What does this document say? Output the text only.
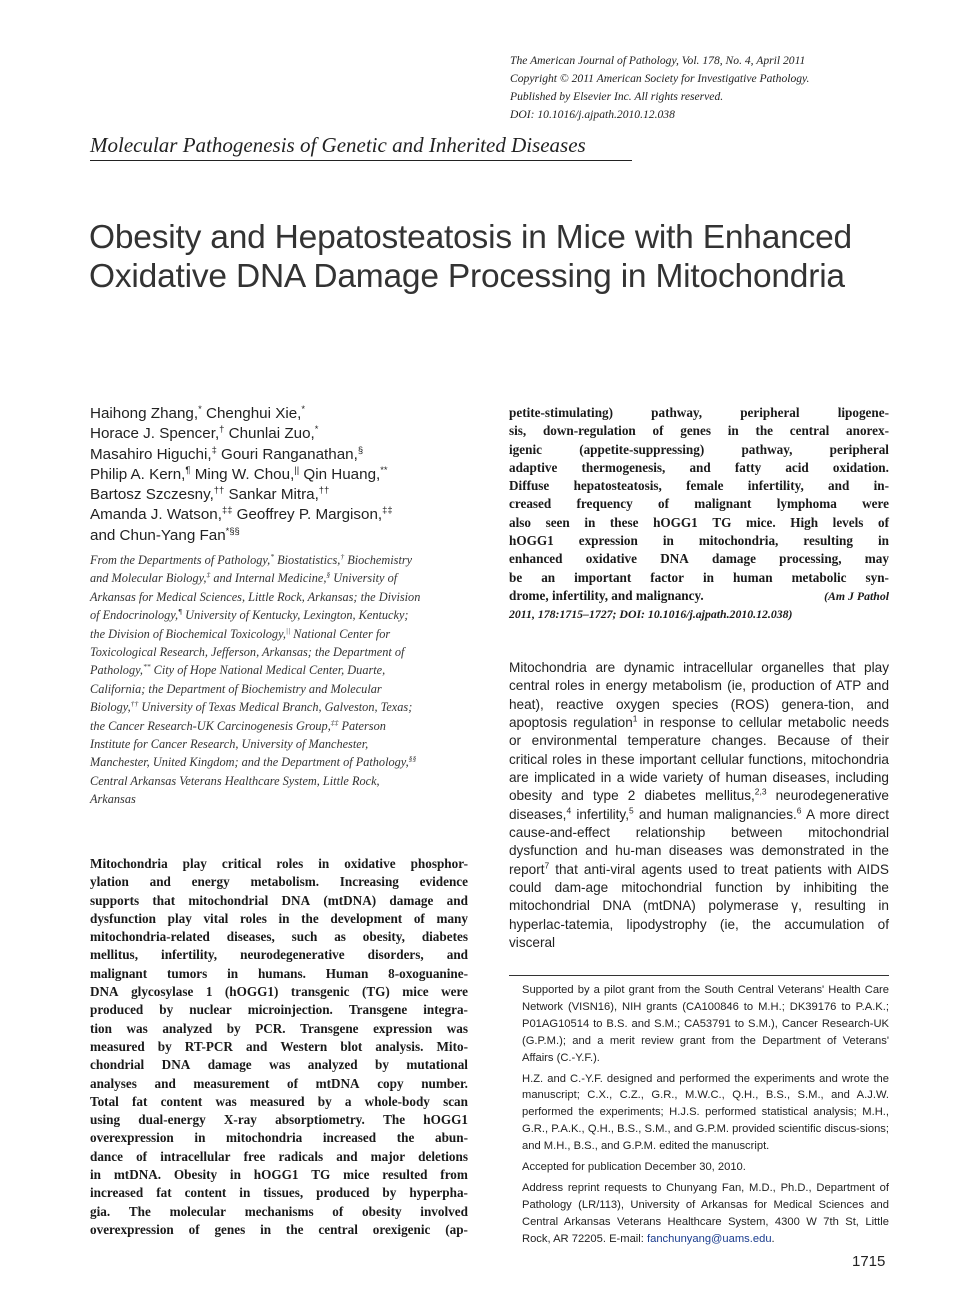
The American Journal of Pathology, Vol. 178, No. 4, April 2011
Copyright © 2011 American Society for Investigative Pathology.
Published by Elsevier Inc. All rights reserved.
DOI: 10.1016/j.ajpath.2010.12.038
Molecular Pathogenesis of Genetic and Inherited Diseases
Obesity and Hepatosteatosis in Mice with Enhanced
Oxidative DNA Damage Processing in Mitochondria
Haihong Zhang,* Chenghui Xie,*
Horace J. Spencer,† Chunlai Zuo,*
Masahiro Higuchi,‡ Gouri Ranganathan,§
Philip A. Kern,¶ Ming W. Chou,|| Qin Huang,**
Bartosz Szczesny,†† Sankar Mitra,††
Amanda J. Watson,‡‡ Geoffrey P. Margison,‡‡
and Chun-Yang Fan*§§
From the Departments of Pathology,* Biostatistics,† Biochemistry
and Molecular Biology,‡ and Internal Medicine,§ University of
Arkansas for Medical Sciences, Little Rock, Arkansas; the Division
of Endocrinology,¶ University of Kentucky, Lexington, Kentucky;
the Division of Biochemical Toxicology,|| National Center for
Toxicological Research, Jefferson, Arkansas; the Department of
Pathology,** City of Hope National Medical Center, Duarte,
California; the Department of Biochemistry and Molecular
Biology,†† University of Texas Medical Branch, Galveston, Texas;
the Cancer Research-UK Carcinogenesis Group,‡‡ Paterson
Institute for Cancer Research, University of Manchester,
Manchester, United Kingdom; and the Department of Pathology,§§
Central Arkansas Veterans Healthcare System, Little Rock,
Arkansas
Mitochondria play critical roles in oxidative phosphor-
ylation and energy metabolism. Increasing evidence
supports that mitochondrial DNA (mtDNA) damage and
dysfunction play vital roles in the development of many
mitochondria-related diseases, such as obesity, diabetes
mellitus, infertility, neurodegenerative disorders, and
malignant tumors in humans. Human 8-oxoguanine-
DNA glycosylase 1 (hOGG1) transgenic (TG) mice were
produced by nuclear microinjection. Transgene integra-
tion was analyzed by PCR. Transgene expression was
measured by RT-PCR and Western blot analysis. Mito-
chondrial DNA damage was analyzed by mutational
analyses and measurement of mtDNA copy number.
Total fat content was measured by a whole-body scan
using dual-energy X-ray absorptiometry. The hOGG1
overexpression in mitochondria increased the abun-
dance of intracellular free radicals and major deletions
in mtDNA. Obesity in hOGG1 TG mice resulted from
increased fat content in tissues, produced by hyperpha-
gia. The molecular mechanisms of obesity involved
overexpression of genes in the central orexigenic (ap-
petite-stimulating)	pathway,	peripheral	lipogene-
sis, down-regulation of genes in the central anorex-
igenic	(appetite-suppressing)	pathway,	peripheral
adaptive thermogenesis, and fatty acid oxidation.
Diffuse hepatosteatosis, female infertility, and in-
creased frequency of malignant lymphoma were
also seen in these hOGG1 TG mice. High levels of
hOGG1 expression in mitochondria, resulting in
enhanced oxidative DNA damage processing, may
be an important factor in human metabolic syn-
drome, infertility, and malignancy.	(Am J Pathol
2011, 178:1715–1727; DOI: 10.1016/j.ajpath.2010.12.038)
Mitochondria are dynamic intracellular organelles that play central roles in energy metabolism (ie, production of ATP and heat), reactive oxygen species (ROS) genera-tion, and apoptosis regulation$^1$ in response to cellular metabolic needs or environmental temperature changes. Because of their critical roles in these important cellular functions, mitochondria are implicated in a wide variety of human diseases, including obesity and type 2 diabetes mellitus,$^{2,3}$ neurodegenerative diseases,$^4$ infertility,$^5$ and human malignancies.$^6$ A more direct cause-and-effect relationship between mitochondrial dysfunction and hu-man diseases was demonstrated in the report$^7$ that anti-viral agents used to treat patients with AIDS could dam-age mitochondrial function by inhibiting the mitochondrial DNA (mtDNA) polymerase γ, resulting in hyperlac-tatemia, lipodystrophy (ie, the accumulation of visceral
Supported by a pilot grant from the South Central Veterans' Health Care Network (VISN16), NIH grants (CA100846 to M.H.; DK39176 to P.A.K.; P01AG10514 to B.S. and S.M.; CA53791 to S.M.), Cancer Research-UK (G.P.M.); and a merit review grant from the Department of Veterans' Affairs (C.-Y.F.).
H.Z. and C.-Y.F. designed and performed the experiments and wrote the manuscript; C.X., C.Z., G.R., M.W.C., Q.H., B.S., S.M., and A.J.W. performed the experiments; H.J.S. performed statistical analysis; M.H., G.R., P.A.K., Q.H., B.S., S.M., and G.P.M. provided scientific discus-sions; and M.H., B.S., and G.P.M. edited the manuscript.
Accepted for publication December 30, 2010.
Address reprint requests to Chunyang Fan, M.D., Ph.D., Department of Pathology (LR/113), University of Arkansas for Medical Sciences and Central Arkansas Veterans Healthcare System, 4300 W 7th St, Little Rock, AR 72205. E-mail: fanchunyang@uams.edu.
1715
